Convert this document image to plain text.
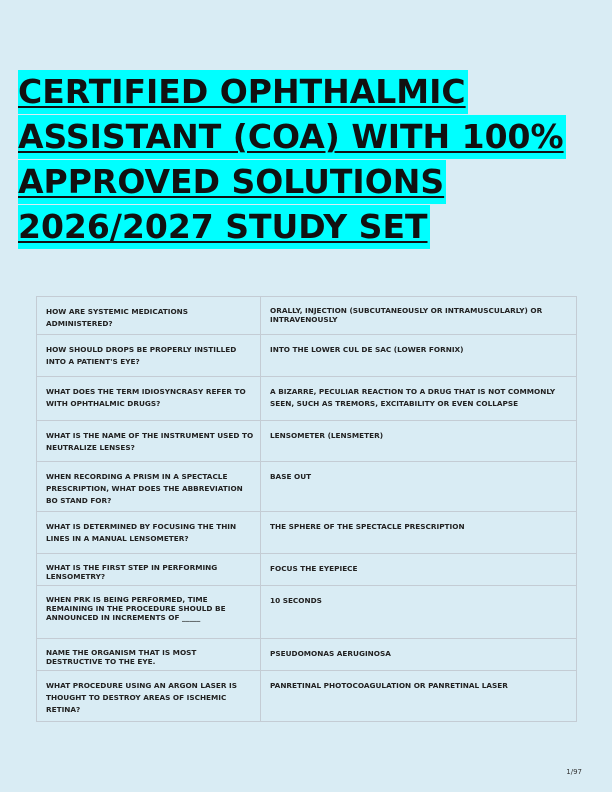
CERTIFIED OPHTHALMIC
ASSISTANT (COA) WITH 100%
APPROVED SOLUTIONS
2026/2027 STUDY SET
HOW ARE SYSTEMIC MEDICATIONS ADMINISTERED?	ORALLY, INJECTION (SUBCUTANEOUSLY OR INTRAMUSCULARLY) OR INTRAVENOUSLY
HOW SHOULD DROPS BE PROPERLY INSTILLED INTO A PATIENT'S EYE?	INTO THE LOWER CUL DE SAC (LOWER FORNIX)
WHAT DOES THE TERM IDIOSYNCRASY REFER TO WITH OPHTHALMIC DRUGS?	A BIZARRE, PECULIAR REACTION TO A DRUG THAT IS NOT COMMONLY SEEN, SUCH AS TREMORS, EXCITABILITY OR EVEN COLLAPSE
WHAT IS THE NAME OF THE INSTRUMENT USED TO NEUTRALIZE LENSES?	LENSOMETER (LENSMETER)
WHEN RECORDING A PRISM IN A SPECTACLE PRESCRIPTION, WHAT DOES THE ABBREVIATION BO STAND FOR?	BASE OUT
WHAT IS DETERMINED BY FOCUSING THE THIN LINES IN A MANUAL LENSOMETER?	THE SPHERE OF THE SPECTACLE PRESCRIPTION
WHAT IS THE FIRST STEP IN PERFORMING LENSOMETRY?	FOCUS THE EYEPIECE
WHEN PRK IS BEING PERFORMED, TIME REMAINING IN THE PROCEDURE SHOULD BE ANNOUNCED IN INCREMENTS OF _____	10 SECONDS
NAME THE ORGANISM THAT IS MOST DESTRUCTIVE TO THE EYE.	PSEUDOMONAS AERUGINOSA
WHAT PROCEDURE USING AN ARGON LASER IS THOUGHT TO DESTROY AREAS OF ISCHEMIC RETINA?	PANRETINAL PHOTOCOAGULATION OR PANRETINAL LASER
1/97
